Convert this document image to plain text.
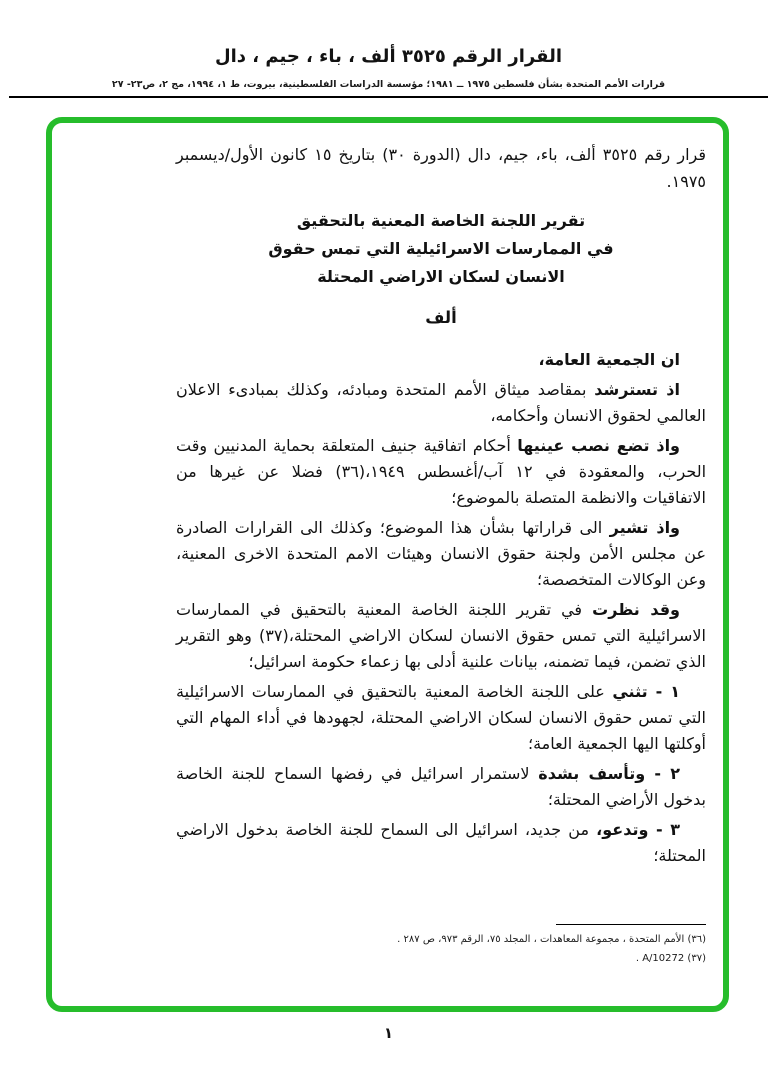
القرار الرقم ٣٥٢٥ ألف ، باء ، جيم ، دال
قرارات الأمم المتحدة بشأن فلسطين ١٩٧٥ ــ ١٩٨١؛ مؤسسة الدراسات الفلسطينية، بيروت، ط ١، ١٩٩٤، مج ٢، ص٢٣- ٢٧

قرار رقم ٣٥٢٥ ألف، باء، جيم، دال (الدورة ٣٠) بتاريخ ١٥ كانون الأول/ديسمبر ١٩٧٥.

تقرير اللجنة الخاصة المعنية بالتحقيق
في الممارسات الاسرائيلية التي تمس حقوق
الانسان لسكان الاراضي المحتلة
ألف

ان الجمعية العامة،

اذ تسترشد بمقاصد ميثاق الأمم المتحدة ومبادئه، وكذلك بمبادىء الاعلان العالمي لحقوق الانسان وأحكامه،

واذ تضع نصب عينيها أحكام اتفاقية جنيف المتعلقة بحماية المدنيين وقت الحرب، والمعقودة في ١٢ آب/أغسطس ١٩٤٩،(٣٦) فضلا عن غيرها من الاتفاقيات والانظمة المتصلة بالموضوع؛

واذ تشير الى قراراتها بشأن هذا الموضوع؛ وكذلك الى القرارات الصادرة عن مجلس الأمن ولجنة حقوق الانسان وهيئات الامم المتحدة الاخرى المعنية، وعن الوكالات المتخصصة؛

وقد نظرت في تقرير اللجنة الخاصة المعنية بالتحقيق في الممارسات الاسرائيلية التي تمس حقوق الانسان لسكان الاراضي المحتلة،(٣٧) وهو التقرير الذي تضمن، فيما تضمنه، بيانات علنية أدلى بها زعماء حكومة اسرائيل؛

١ - تثني على اللجنة الخاصة المعنية بالتحقيق في الممارسات الاسرائيلية التي تمس حقوق الانسان لسكان الاراضي المحتلة، لجهودها في أداء المهام التي أوكلتها اليها الجمعية العامة؛

٢ - وتأسف بشدة لاستمرار اسرائيل في رفضها السماح للجنة الخاصة بدخول الأراضي المحتلة؛

٣ - وتدعو، من جديد، اسرائيل الى السماح للجنة الخاصة بدخول الاراضي المحتلة؛

(٣٦) الأمم المتحدة ، مجموعة المعاهدات ، المجلد ٧٥، الرقم ٩٧٣، ص ٢٨٧ .
(٣٧) A/10272 .
١
